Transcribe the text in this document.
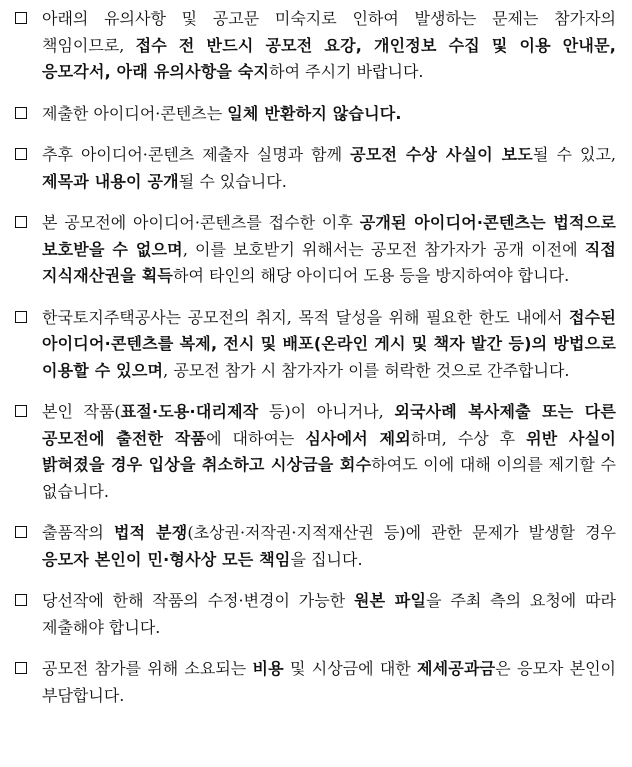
아래의 유의사항 및 공고문 미숙지로 인하여 발생하는 문제는 참가자의 책임이므로, 접수 전 반드시 공모전 요강, 개인정보 수집 및 이용 안내문, 응모각서, 아래 유의사항을 숙지하여 주시기 바랍니다.
제출한 아이디어·콘텐츠는 일체 반환하지 않습니다.
추후 아이디어·콘텐츠 제출자 실명과 함께 공모전 수상 사실이 보도될 수 있고, 제목과 내용이 공개될 수 있습니다.
본 공모전에 아이디어·콘텐츠를 접수한 이후 공개된 아이디어·콘텐츠는 법적으로 보호받을 수 없으며, 이를 보호받기 위해서는 공모전 참가자가 공개 이전에 직접 지식재산권을 획득하여 타인의 해당 아이디어 도용 등을 방지하여야 합니다.
한국토지주택공사는 공모전의 취지, 목적 달성을 위해 필요한 한도 내에서 접수된 아이디어·콘텐츠를 복제, 전시 및 배포(온라인 게시 및 책자 발간 등)의 방법으로 이용할 수 있으며, 공모전 참가 시 참가자가 이를 허락한 것으로 간주합니다.
본인 작품(표절·도용·대리제작 등)이 아니거나, 외국사례 복사제출 또는 다른 공모전에 출전한 작품에 대하여는 심사에서 제외하며, 수상 후 위반 사실이 밝혀졌을 경우 입상을 취소하고 시상금을 회수하여도 이에 대해 이의를 제기할 수 없습니다.
출품작의 법적 분쟁(초상권·저작권·지적재산권 등)에 관한 문제가 발생할 경우 응모자 본인이 민·형사상 모든 책임을 집니다.
당선작에 한해 작품의 수정·변경이 가능한 원본 파일을 주최 측의 요청에 따라 제출해야 합니다.
공모전 참가를 위해 소요되는 비용 및 시상금에 대한 제세공과금은 응모자 본인이 부담합니다.
